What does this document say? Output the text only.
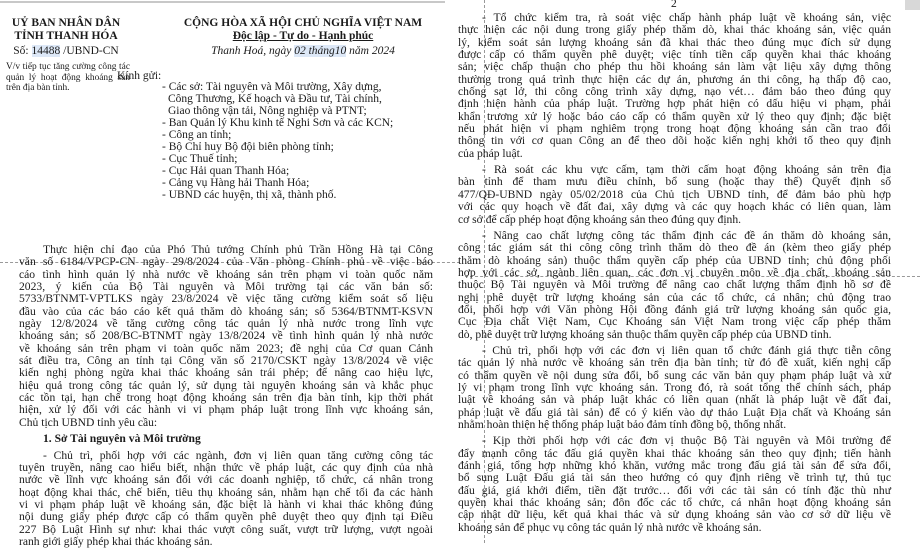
UỶ BAN NHÂN DÂN
TỈNH THANH HÓA
Số: 14488 /UBND-CN
V/v tiếp tục tăng cường công tác quản lý hoạt động khoáng sản trên địa bàn tỉnh.
CỘNG HÒA XÃ HỘI CHỦ NGHĨA VIỆT NAM
Độc lập - Tự do - Hạnh phúc
Thanh Hoá, ngày 02 tháng10 năm 2024
Kính gửi:
- Các sở: Tài nguyên và Môi trường, Xây dựng,
Công Thương, Kế hoạch và Đầu tư, Tài chính,
Giao thông vận tải, Nông nghiệp và PTNT;
- Ban Quản lý Khu kinh tế Nghi Sơn và các KCN;
- Công an tỉnh;
- Bộ Chỉ huy Bộ đội biên phòng tỉnh;
- Cục Thuế tỉnh;
- Cục Hải quan Thanh Hóa;
- Cảng vụ Hàng hải Thanh Hóa;
- UBND các huyện, thị xã, thành phố.
Thực hiện chỉ đạo của Phó Thủ tướng Chính phủ Trần Hồng Hà tại Công
văn số 6184/VPCP-CN ngày 29/8/2024 của Văn phòng Chính phủ về việc báo
cáo tình hình quản lý nhà nước về khoáng sản trên phạm vi toàn quốc năm
2023, ý kiến của Bộ Tài nguyên và Môi trường tại các văn bản số:
5733/BTNMT-VPTLKS ngày 23/8/2024 về việc tăng cường kiểm soát số liệu
đầu vào của các báo cáo kết quả thăm dò khoáng sản; số 5364/BTNMT-KSVN
ngày 12/8/2024 về tăng cường công tác quản lý nhà nước trong lĩnh vực
khoáng sản; số 208/BC-BTNMT ngày 13/8/2024 về tình hình quản lý nhà nước
về khoáng sản trên phạm vi toàn quốc năm 2023; đề nghị của Cơ quan Cảnh
sát điều tra, Công an tỉnh tại Công văn số 2170/CSKT ngày 13/8/2024 về việc
kiến nghị phòng ngừa khai thác khoáng sản trái phép; để nâng cao hiệu lực,
hiệu quả trong công tác quản lý, sử dụng tài nguyên khoáng sản và khắc phục
các tồn tại, hạn chế trong hoạt động khoáng sản trên địa bàn tỉnh, kịp thời phát
hiện, xử lý đối với các hành vi vi phạm pháp luật trong lĩnh vực khoáng sản,
Chủ tịch UBND tỉnh yêu cầu:
1. Sở Tài nguyên và Môi trường
- Chủ trì, phối hợp với các ngành, đơn vị liên quan tăng cường công tác
tuyên truyền, nâng cao hiểu biết, nhận thức về pháp luật, các quy định của nhà
nước về lĩnh vực khoáng sản đối với các doanh nghiệp, tổ chức, cá nhân trong
hoạt động khai thác, chế biến, tiêu thụ khoáng sản, nhằm hạn chế tối đa các hành
vi vi phạm pháp luật về khoáng sản, đặc biệt là hành vi khai thác không đúng
nội dung giấy phép được cấp có thẩm quyền phê duyệt theo quy định tại Điều
227 Bộ Luật Hình sự như: khai thác vượt công suất, vượt trữ lượng, vượt ngoài
ranh giới giấy phép khai thác khoáng sản.
2
- Tổ chức kiểm tra, rà soát việc chấp hành pháp luật về khoáng sản, việc
thực hiện các nội dung trong giấy phép thăm dò, khai thác khoáng sản, việc quản
lý, kiểm soát sản lượng khoáng sản đã khai thác theo đúng mục đích sử dụng
được cấp có thẩm quyền phê duyệt; việc tính tiền cấp quyền khai thác khoáng
sản; việc chấp thuận cho phép thu hồi khoáng sản làm vật liệu xây dựng thông
thường trong quá trình thực hiện các dự án, phương án thi công, hạ thấp độ cao,
chống sạt lở, thi công công trình xây dựng, nạo vét… đảm bảo theo đúng quy
định hiện hành của pháp luật. Trường hợp phát hiện có dấu hiệu vi phạm, phải
khẩn trương xử lý hoặc báo cáo cấp có thẩm quyền xử lý theo quy định; đặc biệt
nếu phát hiện vi phạm nghiêm trọng trong hoạt động khoáng sản cần trao đổi
thông tin với cơ quan Công an để theo dõi hoặc kiến nghị khởi tố theo quy định
của pháp luật.
- Rà soát các khu vực cấm, tạm thời cấm hoạt động khoáng sản trên địa
bàn tỉnh để tham mưu điều chỉnh, bổ sung (hoặc thay thế) Quyết định số
477/QĐ-UBND ngày 05/02/2018 của Chủ tịch UBND tỉnh, để đảm bảo phù hợp
với các quy hoạch về đất đai, xây dựng và các quy hoạch khác có liên quan, làm
cơ sở để cấp phép hoạt động khoáng sản theo đúng quy định.
- Nâng cao chất lượng công tác thẩm định các đề án thăm dò khoáng sản,
công tác giám sát thi công công trình thăm dò theo đề án (kèm theo giấy phép
thăm dò khoáng sản) thuộc thẩm quyền cấp phép của UBND tỉnh; chủ động phối
hợp với các sở, ngành liên quan, các đơn vị chuyên môn về địa chất, khoáng sản
thuộc Bộ Tài nguyên và Môi trường để nâng cao chất lượng thẩm định hồ sơ đề
nghị phê duyệt trữ lượng khoáng sản của các tổ chức, cá nhân; chủ động trao
đổi, phối hợp với Văn phòng Hội đồng đánh giá trữ lượng khoáng sản quốc gia,
Cục Địa chất Việt Nam, Cục Khoáng sản Việt Nam trong việc cấp phép thăm
dò, phê duyệt trữ lượng khoáng sản thuộc thẩm quyền cấp phép của UBND tỉnh.
- Chủ trì, phối hợp với các đơn vị liên quan tổ chức đánh giá thực tiễn công
tác quản lý nhà nước về khoáng sản trên địa bàn tỉnh; từ đó đề xuất, kiến nghị cấp
có thẩm quyền về nội dung sửa đổi, bổ sung các văn bản quy phạm pháp luật và xử
lý vi phạm trong lĩnh vực khoáng sản. Trong đó, rà soát tổng thể chính sách, pháp
luật về khoáng sản và pháp luật khác có liên quan (nhất là pháp luật về đất đai,
pháp luật về đấu giá tài sản) để có ý kiến vào dự thảo Luật Địa chất và Khoáng sản
nhằm hoàn thiện hệ thống pháp luật bảo đảm tính đồng bộ, thống nhất.
- Kịp thời phối hợp với các đơn vị thuộc Bộ Tài nguyên và Môi trường để
đẩy mạnh công tác đấu giá quyền khai thác khoáng sản theo quy định; tiến hành
đánh giá, tổng hợp những khó khăn, vướng mắc trong đấu giá tài sản để sửa đổi,
bổ sung Luật Đấu giá tài sản theo hướng có quy định riêng về trình tự, thủ tục
đấu giá, giá khởi điểm, tiền đặt trước… đối với các tài sản có tính đặc thù như
quyền khai thác khoáng sản; đôn đốc các tổ chức, cá nhân hoạt động khoáng sản
cập nhật dữ liệu, kết quả khai thác và sử dụng khoáng sản vào cơ sở dữ liệu về
khoáng sản để phục vụ công tác quản lý nhà nước về khoáng sản.
